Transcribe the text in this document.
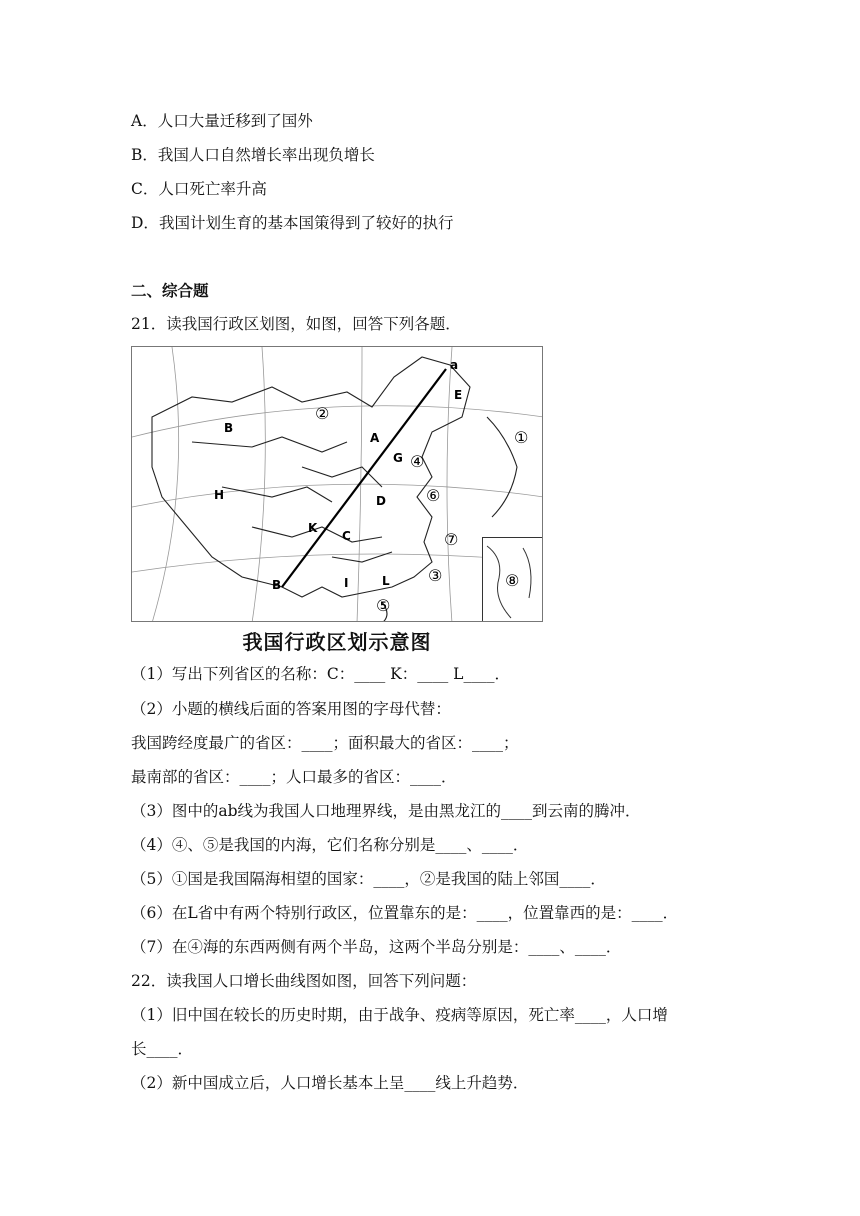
A．人口大量迁移到了国外
B．我国人口自然增长率出现负增长
C．人口死亡率升高
D．我国计划生育的基本国策得到了较好的执行
二、综合题
21．读我国行政区划图，如图，回答下列各题．
a
B
B
A
C
D
E
G
H
I
K
L
①
②
③
④
⑤
⑥
⑦
⑧
我国行政区划示意图
（1）写出下列省区的名称：C：____ K：____ L____．
（2）小题的横线后面的答案用图的字母代替：
我国跨经度最广的省区：____；面积最大的省区：____；
最南部的省区：____；人口最多的省区：____．
（3）图中的ab线为我国人口地理界线，是由黑龙江的____到云南的腾冲．
（4）④、⑤是我国的内海，它们名称分别是____、____．
（5）①国是我国隔海相望的国家：____，②是我国的陆上邻国____．
（6）在L省中有两个特别行政区，位置靠东的是：____，位置靠西的是：____．
（7）在④海的东西两侧有两个半岛，这两个半岛分别是：____、____．
22．读我国人口增长曲线图如图，回答下列问题：
（1）旧中国在较长的历史时期，由于战争、疫病等原因，死亡率____，人口增
长____．
（2）新中国成立后，人口增长基本上呈____线上升趋势．
